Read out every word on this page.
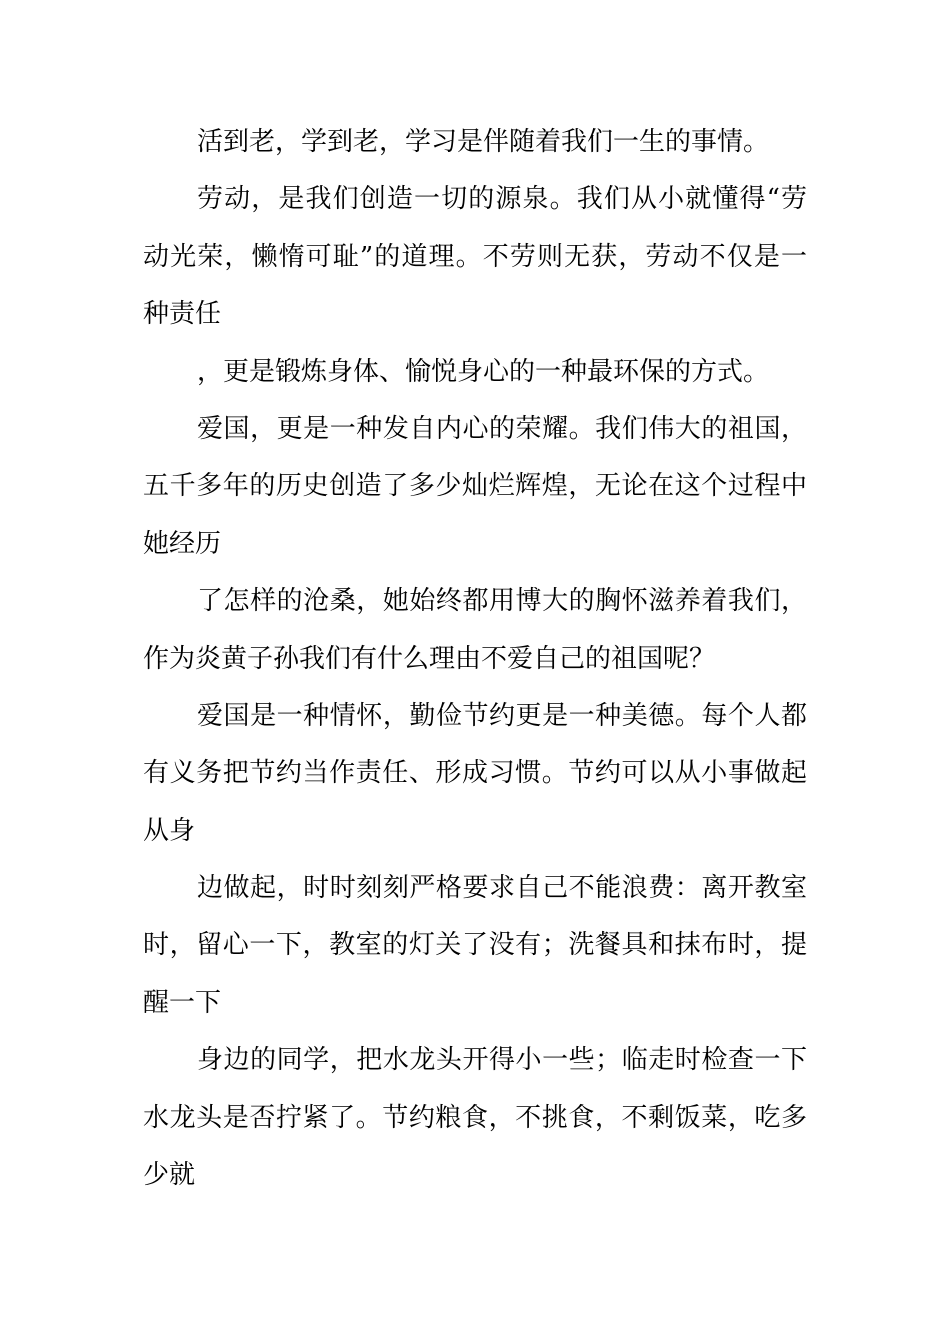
活到老，学到老，学习是伴随着我们一生的事情。
劳动，是我们创造一切的源泉。我们从小就懂得“劳
动光荣，懒惰可耻”的道理。不劳则无获，劳动不仅是一
种责任
，更是锻炼身体、愉悦身心的一种最环保的方式。
爱国，更是一种发自内心的荣耀。我们伟大的祖国，
五千多年的历史创造了多少灿烂辉煌，无论在这个过程中
她经历
了怎样的沧桑，她始终都用博大的胸怀滋养着我们，
作为炎黄子孙我们有什么理由不爱自己的祖国呢？
爱国是一种情怀，勤俭节约更是一种美德。每个人都
有义务把节约当作责任、形成习惯。节约可以从小事做起
从身
边做起，时时刻刻严格要求自己不能浪费：离开教室
时，留心一下，教室的灯关了没有；洗餐具和抹布时，提
醒一下
身边的同学，把水龙头开得小一些；临走时检查一下
水龙头是否拧紧了。节约粮食，不挑食，不剩饭菜，吃多
少就
